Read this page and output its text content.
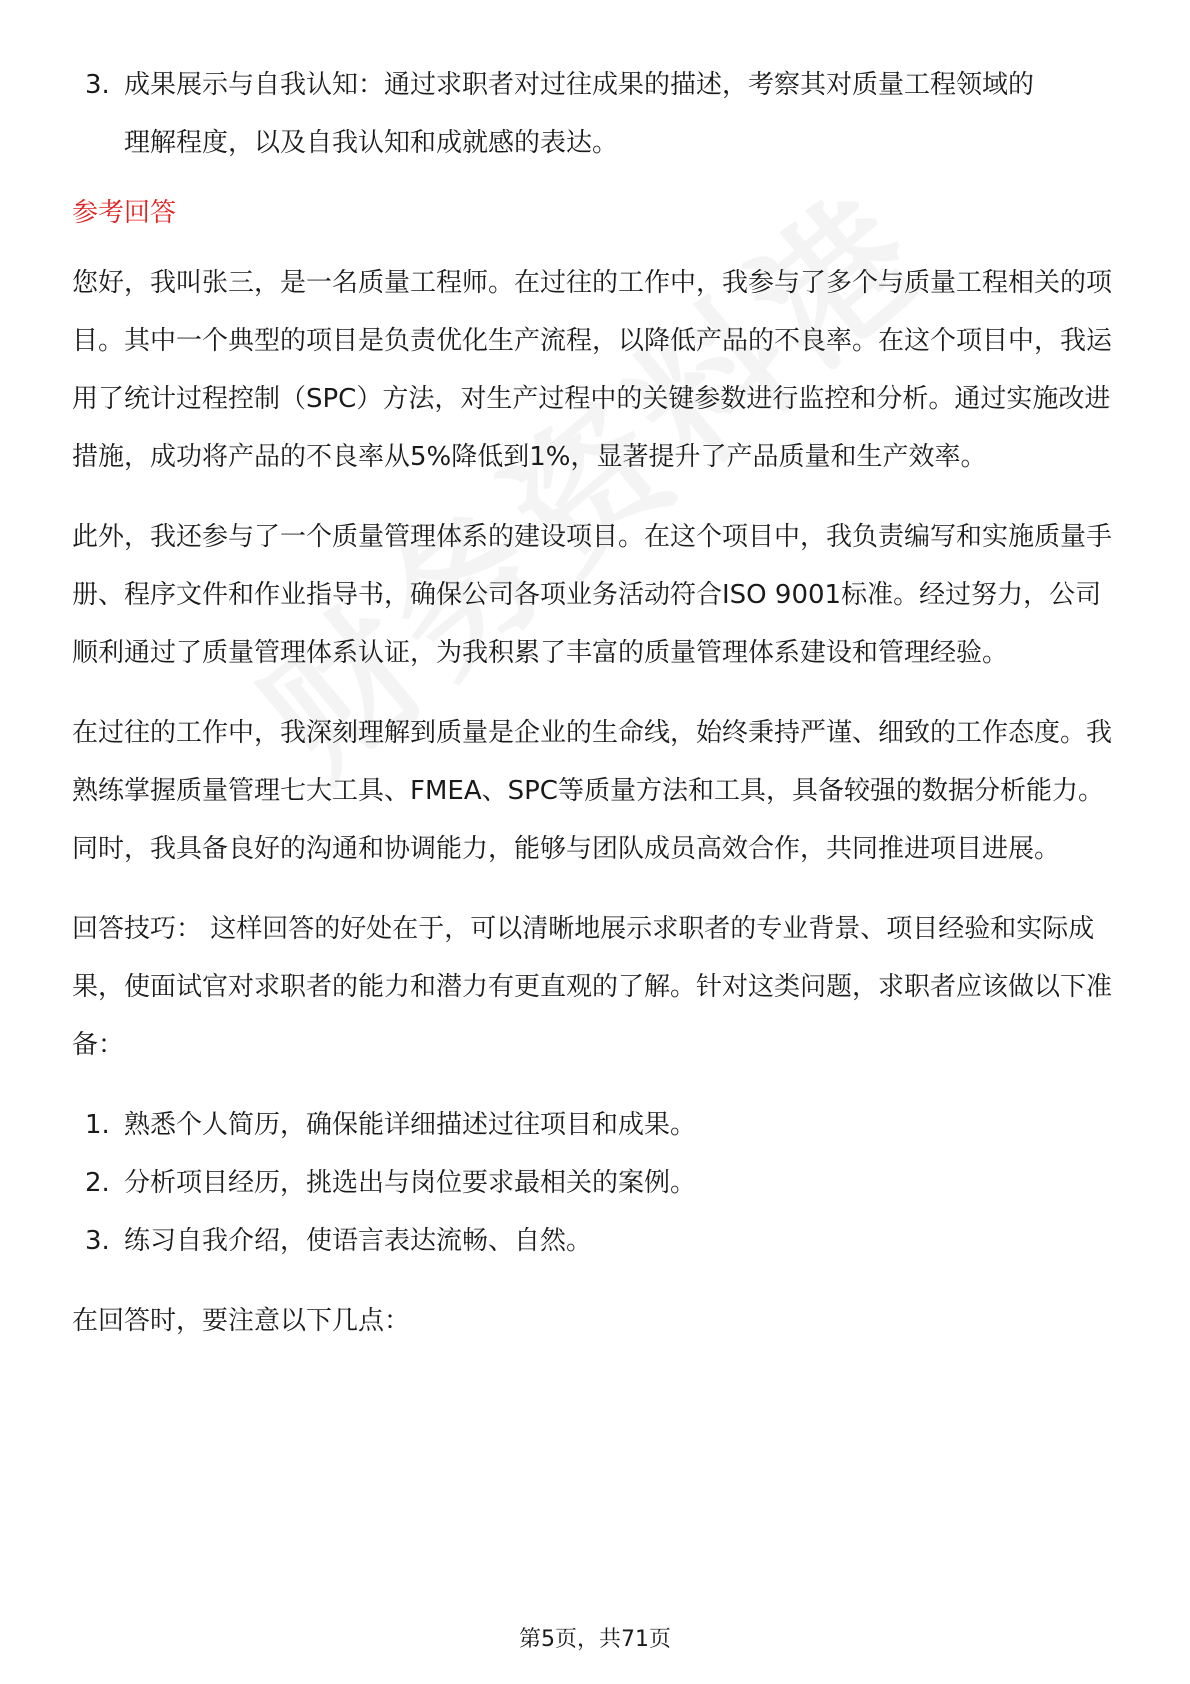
3. 成果展示与自我认知：通过求职者对过往成果的描述，考察其对质量工程领域的理解程度，以及自我认知和成就感的表达。

参考回答

您好，我叫张三，是一名质量工程师。在过往的工作中，我参与了多个与质量工程相关的项目。其中一个典型的项目是负责优化生产流程，以降低产品的不良率。在这个项目中，我运用了统计过程控制（SPC）方法，对生产过程中的关键参数进行监控和分析。通过实施改进措施，成功将产品的不良率从5%降低到1%，显著提升了产品质量和生产效率。

此外，我还参与了一个质量管理体系的建设项目。在这个项目中，我负责编写和实施质量手册、程序文件和作业指导书，确保公司各项业务活动符合ISO 9001标准。经过努力，公司顺利通过了质量管理体系认证，为我积累了丰富的质量管理体系建设和管理经验。

在过往的工作中，我深刻理解到质量是企业的生命线，始终秉持严谨、细致的工作态度。我熟练掌握质量管理七大工具、FMEA、SPC等质量方法和工具，具备较强的数据分析能力。同时，我具备良好的沟通和协调能力，能够与团队成员高效合作，共同推进项目进展。

回答技巧： 这样回答的好处在于，可以清晰地展示求职者的专业背景、项目经验和实际成果，使面试官对求职者的能力和潜力有更直观的了解。针对这类问题，求职者应该做以下准备：

1. 熟悉个人简历，确保能详细描述过往项目和成果。
2. 分析项目经历，挑选出与岗位要求最相关的案例。
3. 练习自我介绍，使语言表达流畅、自然。

在回答时，要注意以下几点：

第5页，共71页
